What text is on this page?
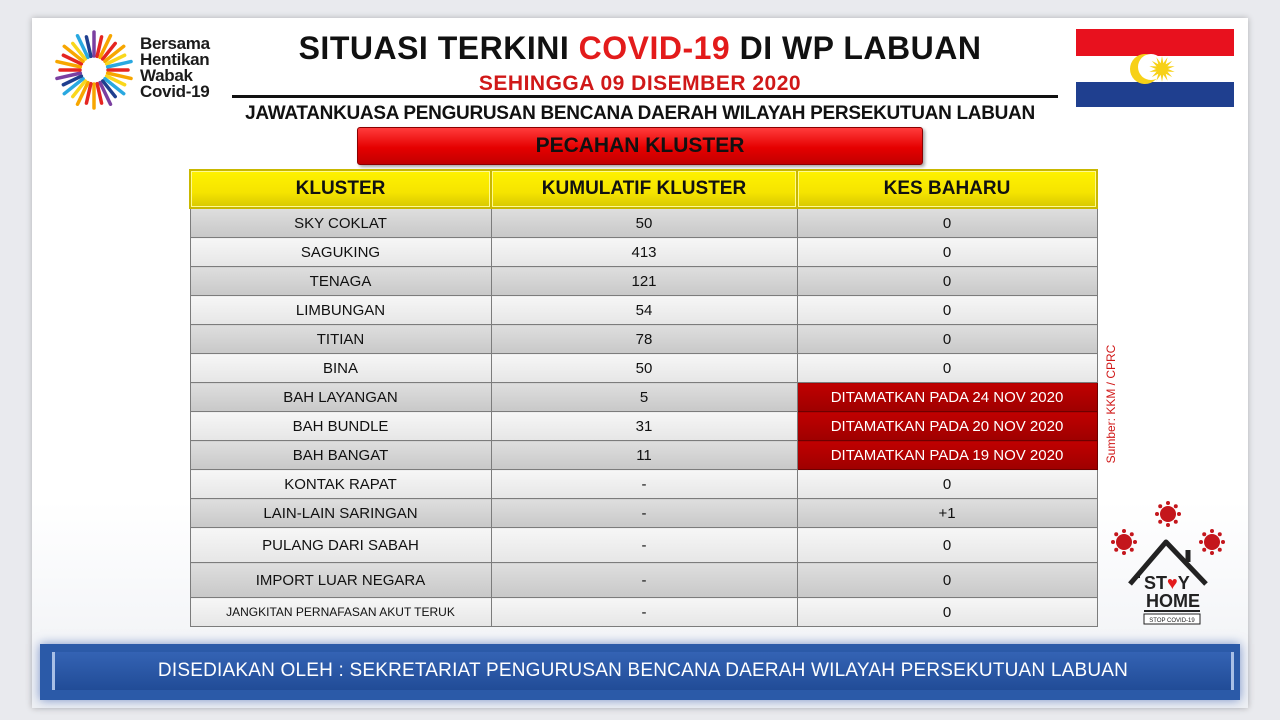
Bersama
Hentikan
Wabak
Covid-19
SITUASI TERKINI COVID-19 DI WP LABUAN
SEHINGGA 09 DISEMBER 2020
JAWATANKUASA PENGURUSAN BENCANA DAERAH WILAYAH PERSEKUTUAN LABUAN
PECAHAN KLUSTER
KLUSTER	KUMULATIF KLUSTER	KES BAHARU
SKY COKLAT	50	0
SAGUKING	413	0
TENAGA	121	0
LIMBUNGAN	54	0
TITIAN	78	0
BINA	50	0
BAH LAYANGAN	5	DITAMATKAN PADA 24 NOV 2020
BAH BUNDLE	31	DITAMATKAN PADA 20 NOV 2020
BAH BANGAT	11	DITAMATKAN PADA 19 NOV 2020
KONTAK RAPAT	-	0
LAIN-LAIN SARINGAN	-	+1
PULANG DARI SABAH	-	0
IMPORT LUAR NEGARA	-	0
JANGKITAN PERNAFASAN AKUT TERUK	-	0
Sumber: KKM / CPRC
ST♥Y
HOME
STOP COVID-19
DISEDIAKAN OLEH : SEKRETARIAT PENGURUSAN BENCANA DAERAH WILAYAH PERSEKUTUAN LABUAN
